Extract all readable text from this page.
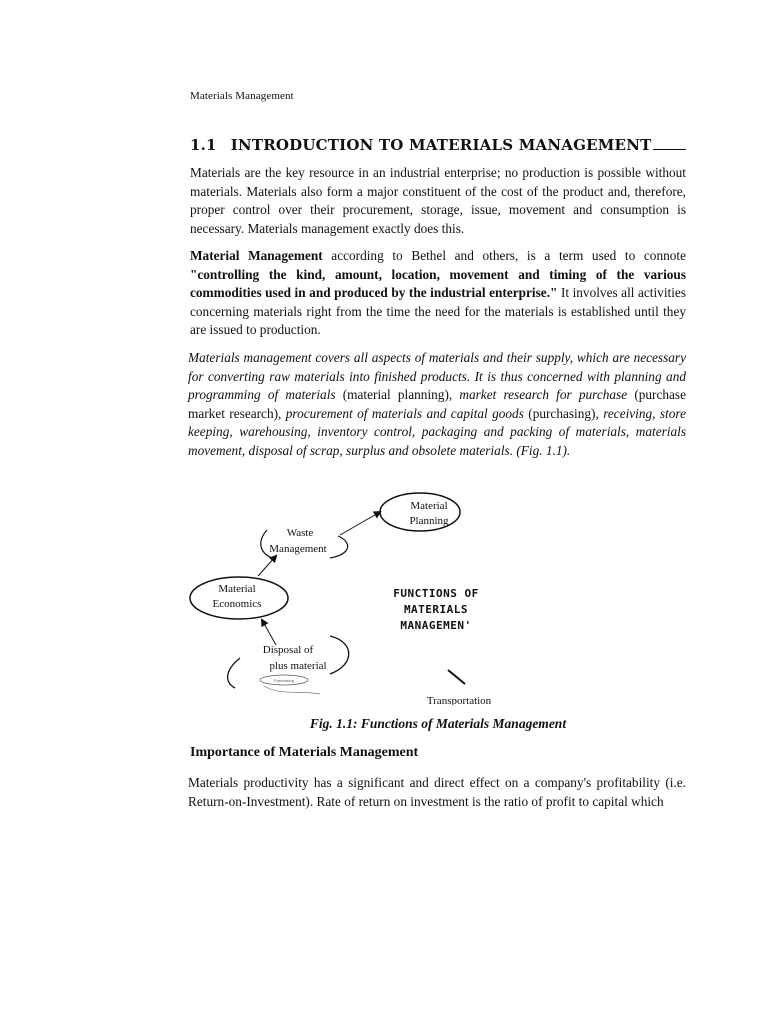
Materials Management
1.1 INTRODUCTION TO MATERIALS MANAGEMENT

Materials are the key resource in an industrial enterprise; no production is possible without materials. Materials also form a major constituent of the cost of the product and, therefore, proper control over their procurement, storage, issue, movement and consumption is necessary. Materials management exactly does this.

Material Management according to Bethel and others, is a term used to connote "controlling the kind, amount, location, movement and timing of the various commodities used in and produced by the industrial enterprise." It involves all activities concerning materials right from the time the need for the materials is established until they are issued to production.

Materials management covers all aspects of materials and their supply, which are necessary for converting raw materials into finished products. It is thus concerned with planning and programming of materials (material planning), market research for purchase (purchase market research), procurement of materials and capital goods (purchasing), receiving, store keeping, warehousing, inventory control, packaging and packing of materials, materials movement, disposal of scrap, surplus and obsolete materials. (Fig. 1.1).

Material
Planning
Waste
Management
Material
Economics
Disposal of
plus material
Purchasing
FUNCTIONS OF
MATERIALS
MANAGEMEN'
Transportation
Fig. 1.1: Functions of Materials Management
Importance of Materials Management

Materials productivity has a significant and direct effect on a company's profitability (i.e. Return-on-Investment). Rate of return on investment is the ratio of profit to capital which
